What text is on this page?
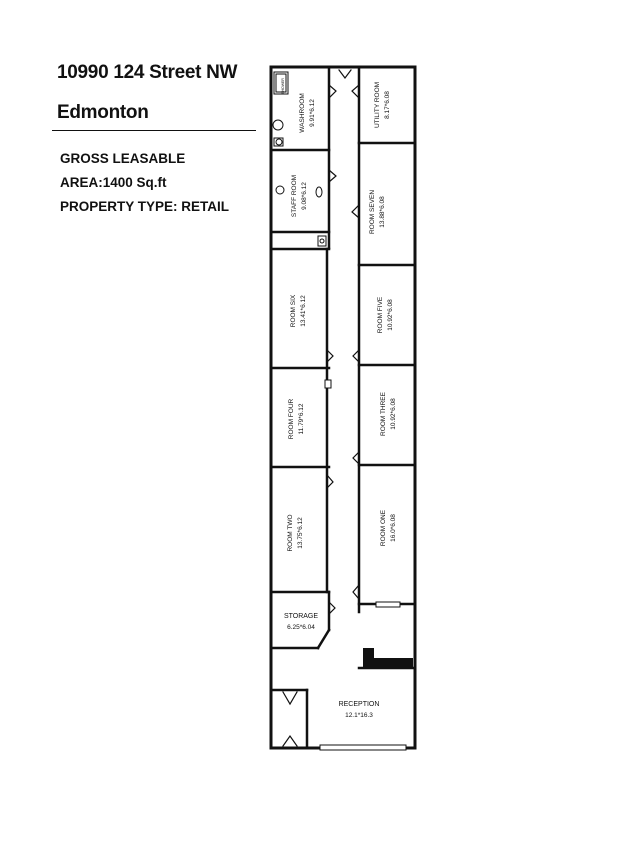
10990 124 Street NW
Edmonton
GROSS LEASABLE
AREA:1400 Sq.ft
PROPERTY TYPE: RETAIL
SHOWER	UTILITY ROOM 8.17*6.08
WASHROOM 9.91*6.12
STAFF ROOM 9.08*6.12	ROOM SEVEN 13.88*6.08
ROOM SIX 13.41*6.12	ROOM FIVE 10.92*6.08
ROOM FOUR 11.79*6.12	ROOM THREE 10.92*6.08
ROOM TWO 13.75*6.12	ROOM ONE 16.0*6.08
STORAGE
6.25*6.04
RECEPTION
12.1*16.3
